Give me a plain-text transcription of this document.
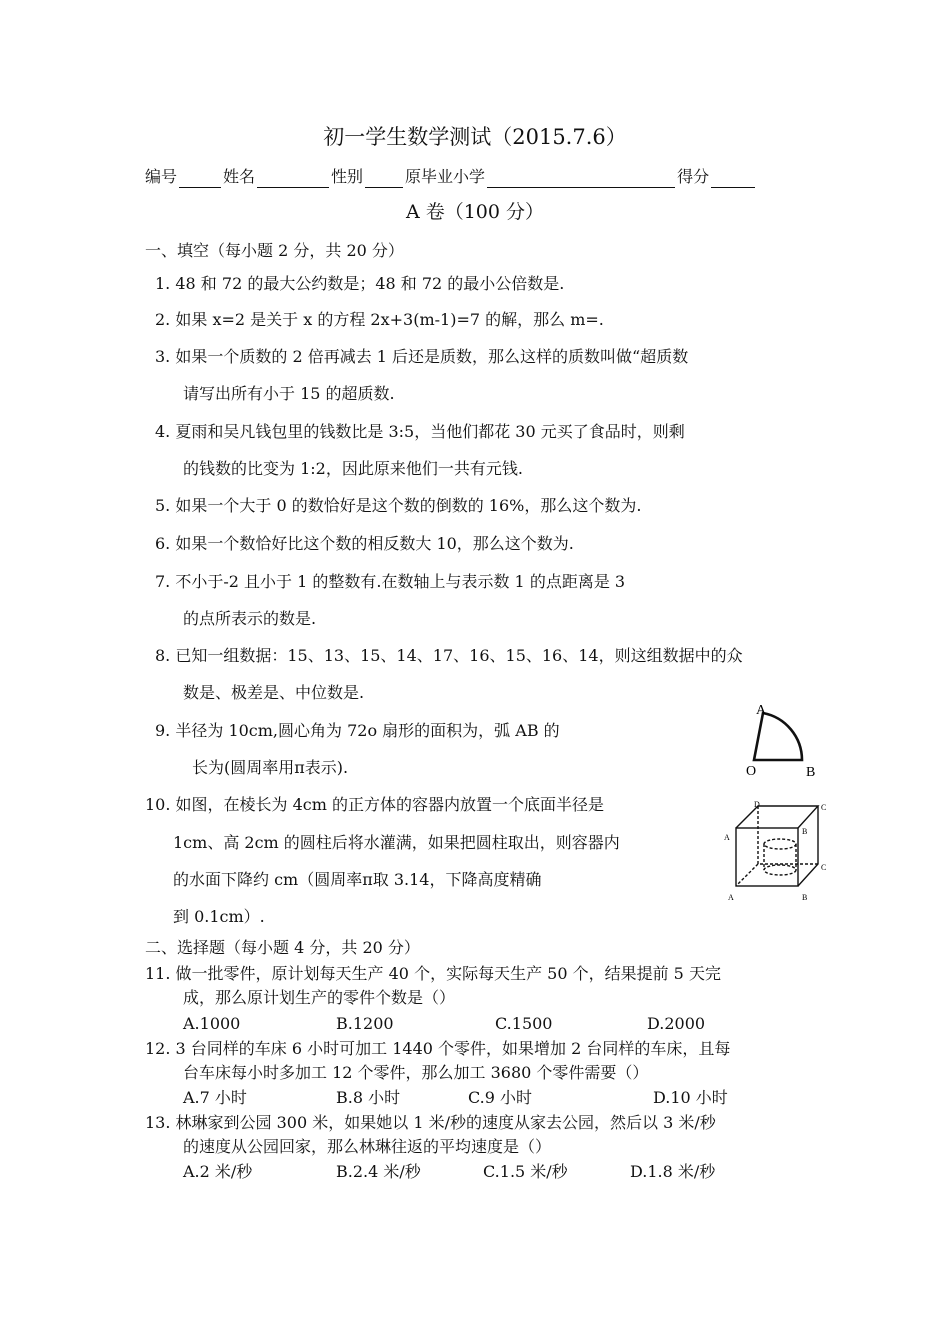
初一学生数学测试（2015.7.6）
编号	姓名	性别	原毕业小学	得分
A 卷（100 分）
一、填空（每小题 2 分，共 20 分）
1. 48 和 72 的最大公约数是；48 和 72 的最小公倍数是.
2. 如果 x=2 是关于 x 的方程 2x+3(m-1)=7 的解，那么 m=.
3. 如果一个质数的 2 倍再减去 1 后还是质数，那么这样的质数叫做“超质数
请写出所有小于 15 的超质数.
4. 夏雨和吴凡钱包里的钱数比是 3:5，当他们都花 30 元买了食品时，则剩
的钱数的比变为 1:2，因此原来他们一共有元钱.
5. 如果一个大于 0 的数恰好是这个数的倒数的 16%，那么这个数为.
6. 如果一个数恰好比这个数的相反数大 10，那么这个数为.
7. 不小于-2 且小于 1 的整数有.在数轴上与表示数 1 的点距离是 3
的点所表示的数是.
8. 已知一组数据：15、13、15、14、17、16、15、16、14，则这组数据中的众
数是、极差是、中位数是.
9. 半径为 10cm,圆心角为 72o 扇形的面积为，弧 AB 的
长为(圆周率用π表示).
10. 如图，在棱长为 4cm 的正方体的容器内放置一个底面半径是
1cm、高 2cm 的圆柱后将水灌满，如果把圆柱取出，则容器内
的水面下降约 cm（圆周率π取 3.14，下降高度精确
到 0.1cm）.
A
O	B
D	C
A
B
C
A	B
二、选择题（每小题 4 分，共 20 分）
11. 做一批零件，原计划每天生产 40 个，实际每天生产 50 个，结果提前 5 天完
成，那么原计划生产的零件个数是（）
A.1000	B.1200	C.1500	D.2000
12. 3 台同样的车床 6 小时可加工 1440 个零件，如果增加 2 台同样的车床，且每
台车床每小时多加工 12 个零件，那么加工 3680 个零件需要（）
A.7 小时	B.8 小时	C.9 小时	D.10 小时
13. 林琳家到公园 300 米，如果她以 1 米/秒的速度从家去公园，然后以 3 米/秒
的速度从公园回家，那么林琳往返的平均速度是（）
A.2 米/秒	B.2.4 米/秒	C.1.5 米/秒	D.1.8 米/秒
